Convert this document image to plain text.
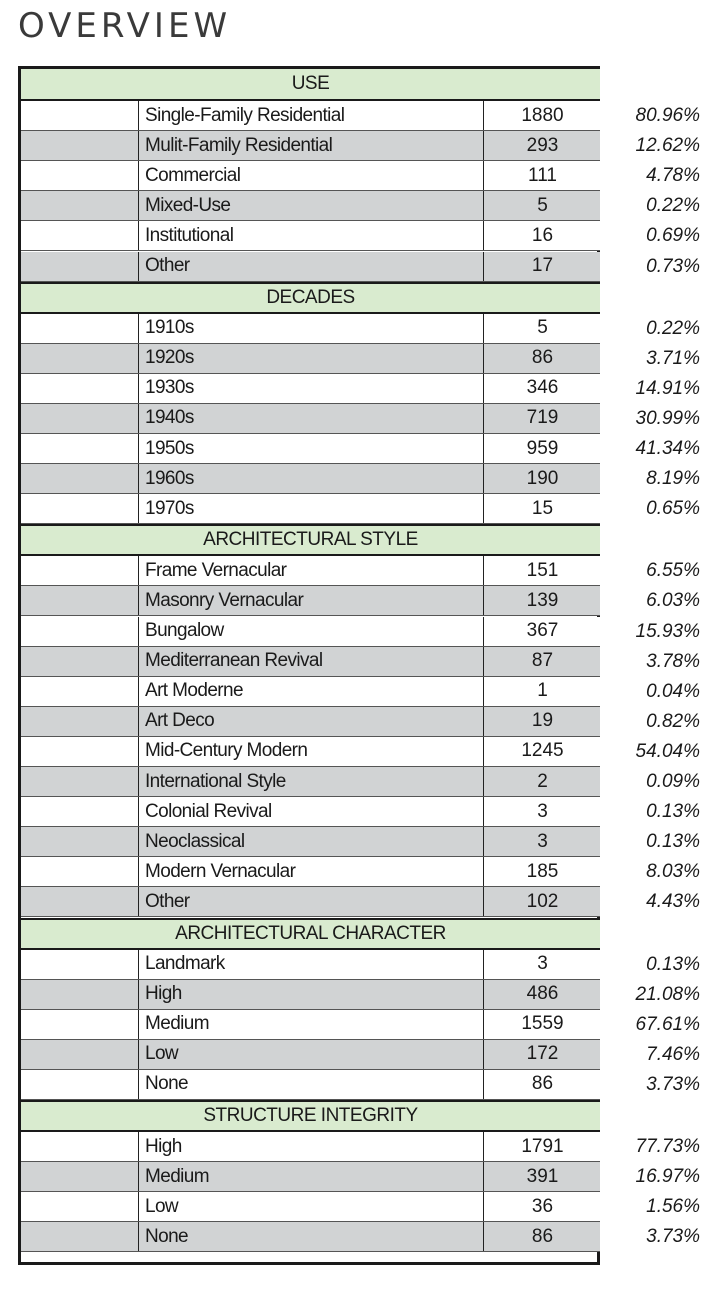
OVERVIEW
USE
Single-Family Residential	1880	80.96%
Mulit-Family Residential	293	12.62%
Commercial	111	4.78%
Mixed-Use	5	0.22%
Institutional	16	0.69%
Other	17	0.73%
DECADES
1910s	5	0.22%
1920s	86	3.71%
1930s	346	14.91%
1940s	719	30.99%
1950s	959	41.34%
1960s	190	8.19%
1970s	15	0.65%
ARCHITECTURAL STYLE
Frame Vernacular	151	6.55%
Masonry Vernacular	139	6.03%
Bungalow	367	15.93%
Mediterranean Revival	87	3.78%
Art Moderne	1	0.04%
Art Deco	19	0.82%
Mid-Century Modern	1245	54.04%
International Style	2	0.09%
Colonial Revival	3	0.13%
Neoclassical	3	0.13%
Modern Vernacular	185	8.03%
Other	102	4.43%
ARCHITECTURAL CHARACTER
Landmark	3	0.13%
High	486	21.08%
Medium	1559	67.61%
Low	172	7.46%
None	86	3.73%
STRUCTURE INTEGRITY
High	1791	77.73%
Medium	391	16.97%
Low	36	1.56%
None	86	3.73%
